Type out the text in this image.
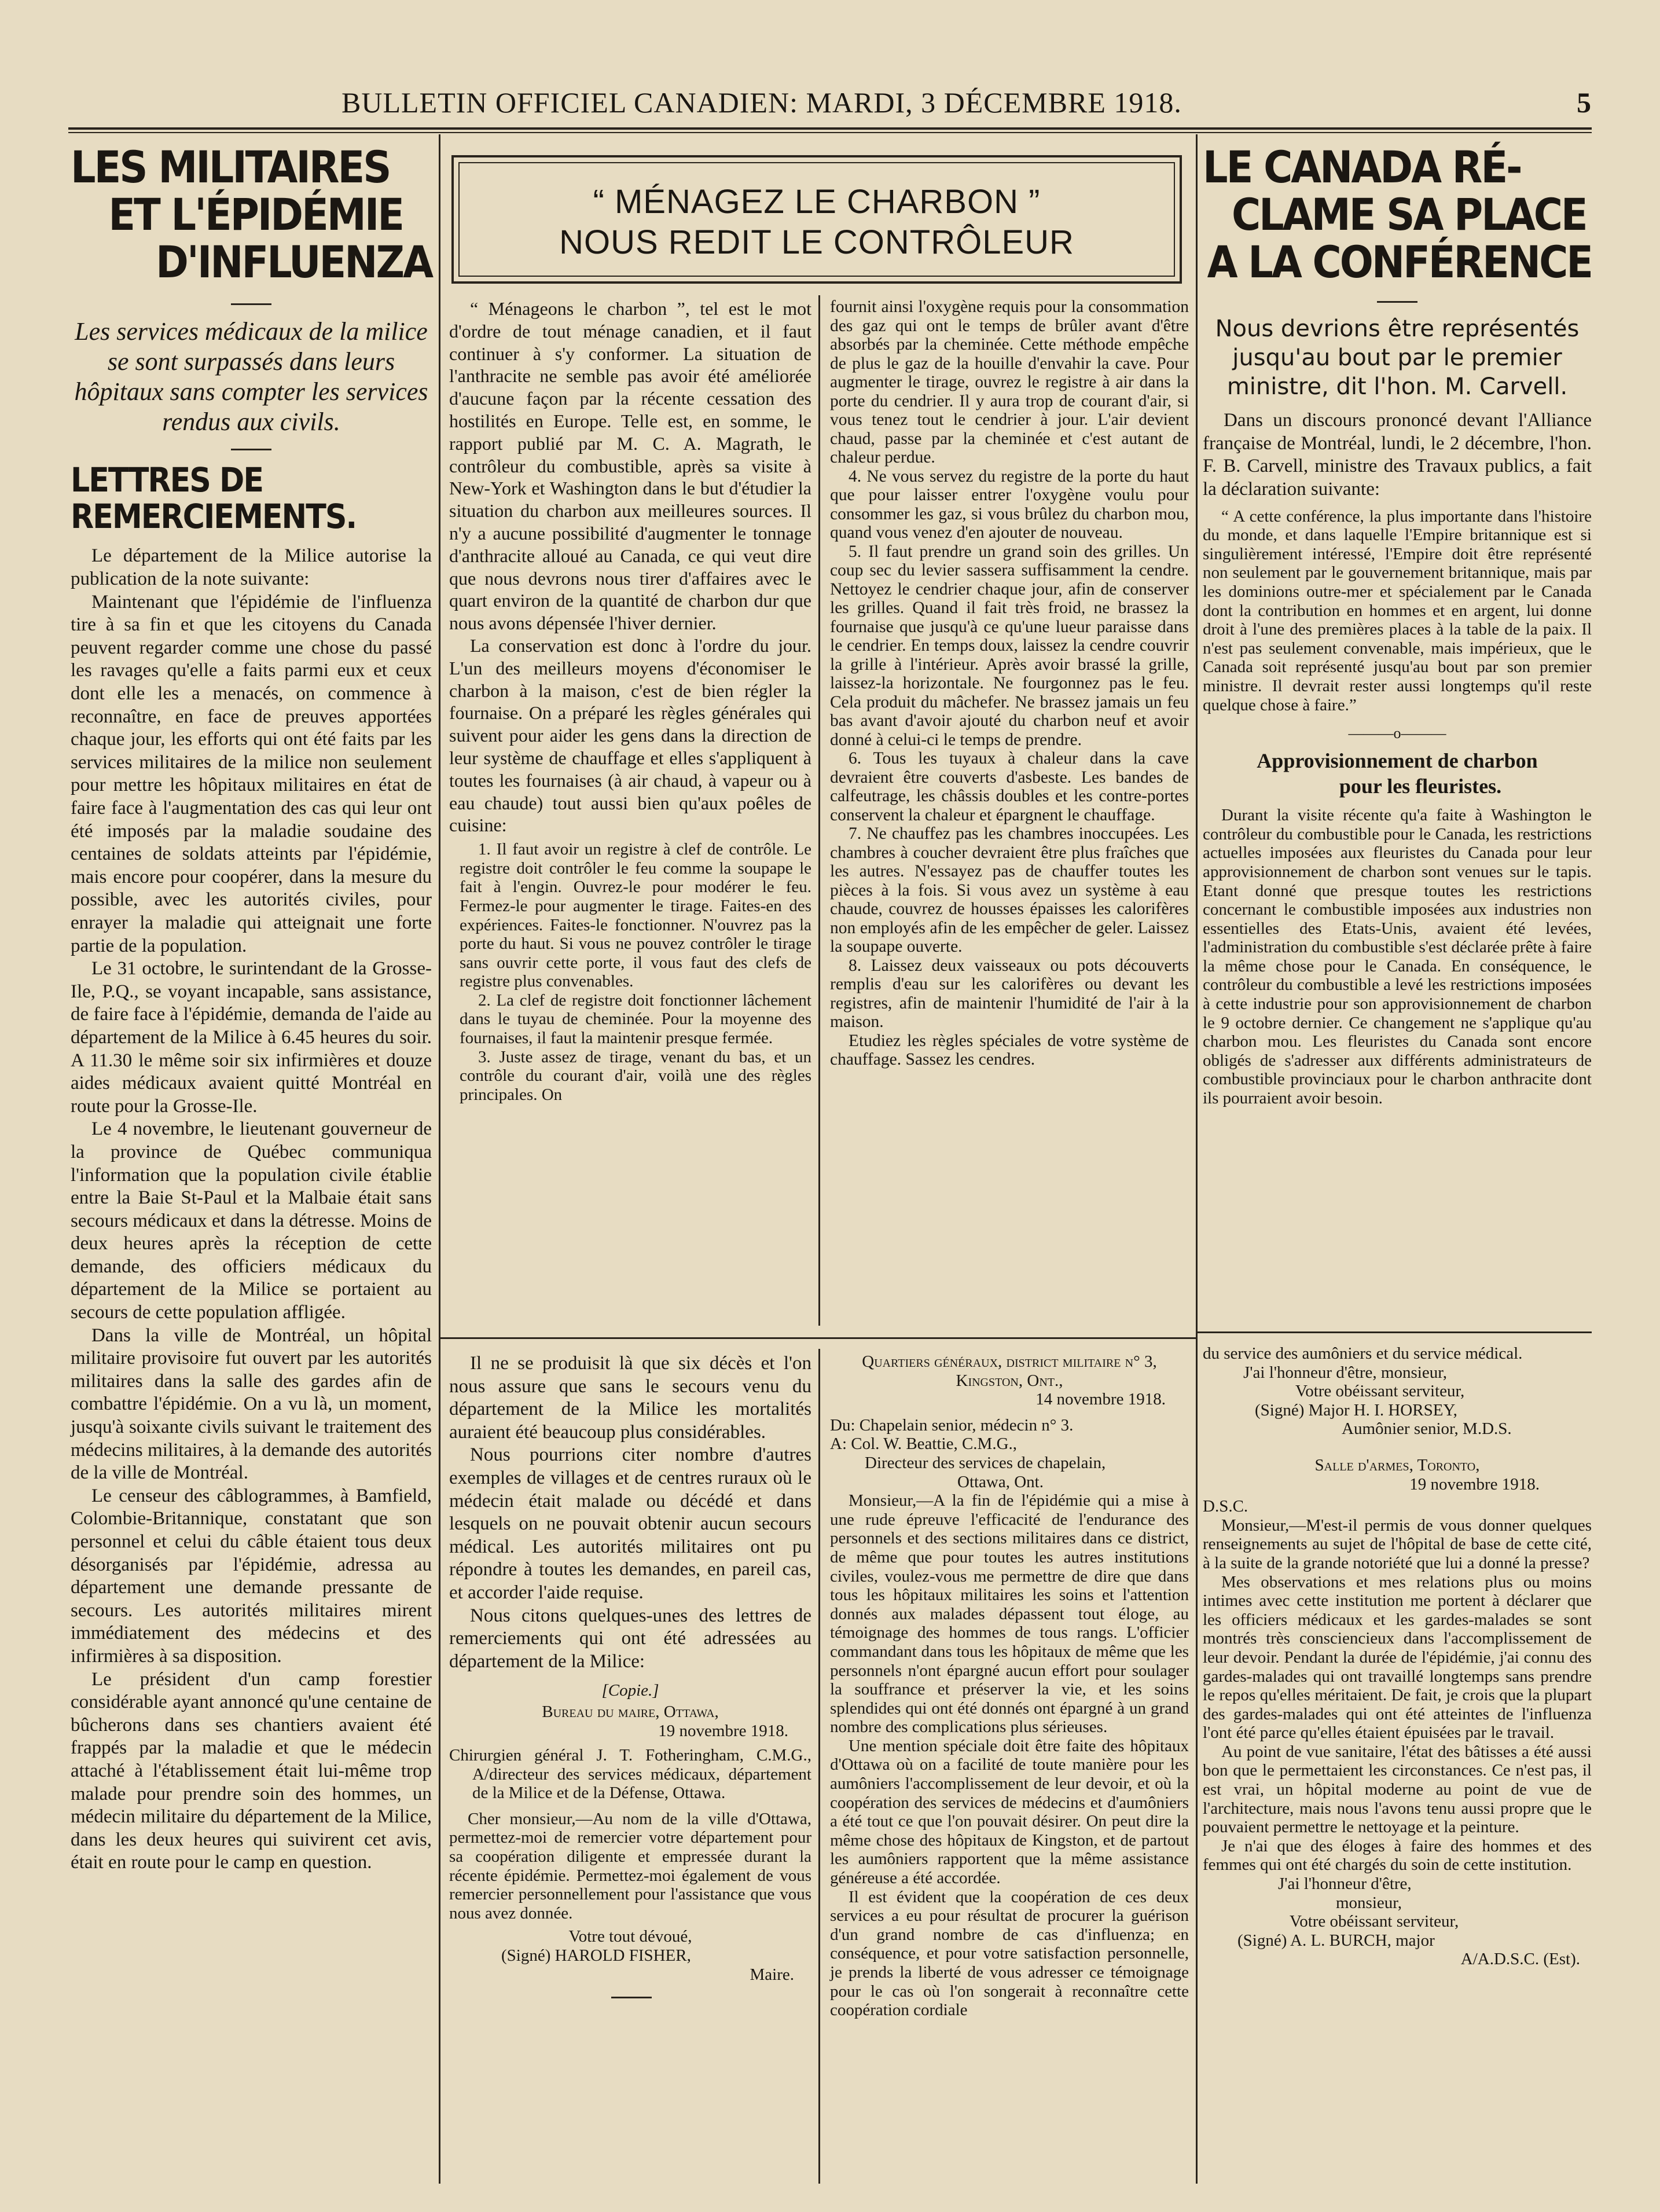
BULLETIN OFFICIEL CANADIEN: MARDI, 3 DÉCEMBRE 1918.	5
LES MILITAIRES
ET L'ÉPIDÉMIE
D'INFLUENZA
Les services médicaux de la milice se sont surpassés dans leurs hôpitaux sans compter les services rendus aux civils.
LETTRES DE REMERCIEMENTS.

Le département de la Milice autorise la publication de la note suivante:

Maintenant que l'épidémie de l'influenza tire à sa fin et que les citoyens du Canada peuvent regarder comme une chose du passé les ravages qu'elle a faits parmi eux et ceux dont elle les a menacés, on commence à reconnaître, en face de preuves apportées chaque jour, les efforts qui ont été faits par les services militaires de la milice non seulement pour mettre les hôpitaux militaires en état de faire face à l'augmentation des cas qui leur ont été imposés par la maladie soudaine des centaines de soldats atteints par l'épidémie, mais encore pour coopérer, dans la mesure du possible, avec les autorités civiles, pour enrayer la maladie qui atteignait une forte partie de la population.

Le 31 octobre, le surintendant de la Grosse-Ile, P.Q., se voyant incapable, sans assistance, de faire face à l'épidémie, demanda de l'aide au département de la Milice à 6.45 heures du soir. A 11.30 le même soir six infirmières et douze aides médicaux avaient quitté Montréal en route pour la Grosse-Ile.

Le 4 novembre, le lieutenant gouverneur de la province de Québec communiqua l'information que la population civile établie entre la Baie St-Paul et la Malbaie était sans secours médicaux et dans la détresse. Moins de deux heures après la réception de cette demande, des officiers médicaux du département de la Milice se portaient au secours de cette population affligée.

Dans la ville de Montréal, un hôpital militaire provisoire fut ouvert par les autorités militaires dans la salle des gardes afin de combattre l'épidémie. On a vu là, un moment, jusqu'à soixante civils suivant le traitement des médecins militaires, à la demande des autorités de la ville de Montréal.

Le censeur des câblogrammes, à Bamfield, Colombie-Britannique, constatant que son personnel et celui du câble étaient tous deux désorganisés par l'épidémie, adressa au département une demande pressante de secours. Les autorités militaires mirent immédiatement des médecins et des infirmières à sa disposition.

Le président d'un camp forestier considérable ayant annoncé qu'une centaine de bûcherons dans ses chantiers avaient été frappés par la maladie et que le médecin attaché à l'établissement était lui-même trop malade pour prendre soin des hommes, un médecin militaire du département de la Milice, dans les deux heures qui suivirent cet avis, était en route pour le camp en question.

“ MÉNAGEZ LE CHARBON ”
NOUS REDIT LE CONTRÔLEUR

“ Ménageons le charbon ”, tel est le mot d'ordre de tout ménage canadien, et il faut continuer à s'y conformer. La situation de l'anthracite ne semble pas avoir été améliorée d'aucune façon par la récente cessation des hostilités en Europe. Telle est, en somme, le rapport publié par M. C. A. Magrath, le contrôleur du combustible, après sa visite à New-York et Washington dans le but d'étudier la situation du charbon aux meilleures sources. Il n'y a aucune possibilité d'augmenter le tonnage d'anthracite alloué au Canada, ce qui veut dire que nous devrons nous tirer d'affaires avec le quart environ de la quantité de charbon dur que nous avons dépensée l'hiver dernier.

La conservation est donc à l'ordre du jour. L'un des meilleurs moyens d'économiser le charbon à la maison, c'est de bien régler la fournaise. On a préparé les règles générales qui suivent pour aider les gens dans la direction de leur système de chauffage et elles s'appliquent à toutes les fournaises (à air chaud, à vapeur ou à eau chaude) tout aussi bien qu'aux poêles de cuisine:

1. Il faut avoir un registre à clef de contrôle. Le registre doit contrôler le feu comme la soupape le fait à l'engin. Ouvrez-le pour modérer le feu. Fermez-le pour augmenter le tirage. Faites-en des expériences. Faites-le fonctionner. N'ouvrez pas la porte du haut. Si vous ne pouvez contrôler le tirage sans ouvrir cette porte, il vous faut des clefs de registre plus convenables.

2. La clef de registre doit fonctionner lâchement dans le tuyau de cheminée. Pour la moyenne des fournaises, il faut la maintenir presque fermée.

3. Juste assez de tirage, venant du bas, et un contrôle du courant d'air, voilà une des règles principales. On

fournit ainsi l'oxygène requis pour la consommation des gaz qui ont le temps de brûler avant d'être absorbés par la cheminée. Cette méthode empêche de plus le gaz de la houille d'envahir la cave. Pour augmenter le tirage, ouvrez le registre à air dans la porte du cendrier. Il y aura trop de courant d'air, si vous tenez tout le cendrier à jour. L'air devient chaud, passe par la cheminée et c'est autant de chaleur perdue.

4. Ne vous servez du registre de la porte du haut que pour laisser entrer l'oxygène voulu pour consommer les gaz, si vous brûlez du charbon mou, quand vous venez d'en ajouter de nouveau.

5. Il faut prendre un grand soin des grilles. Un coup sec du levier sassera suffisamment la cendre. Nettoyez le cendrier chaque jour, afin de conserver les grilles. Quand il fait très froid, ne brassez la fournaise que jusqu'à ce qu'une lueur paraisse dans le cendrier. En temps doux, laissez la cendre couvrir la grille à l'intérieur. Après avoir brassé la grille, laissez-la horizontale. Ne fourgonnez pas le feu. Cela produit du mâchefer. Ne brassez jamais un feu bas avant d'avoir ajouté du charbon neuf et avoir donné à celui-ci le temps de prendre.

6. Tous les tuyaux à chaleur dans la cave devraient être couverts d'asbeste. Les bandes de calfeutrage, les châssis doubles et les contre-portes conservent la chaleur et épargnent le chauffage.

7. Ne chauffez pas les chambres inoccupées. Les chambres à coucher devraient être plus fraîches que les autres. N'essayez pas de chauffer toutes les pièces à la fois. Si vous avez un système à eau chaude, couvrez de housses épaisses les calorifères non employés afin de les empêcher de geler. Laissez la soupape ouverte.

8. Laissez deux vaisseaux ou pots découverts remplis d'eau sur les calorifères ou devant les registres, afin de maintenir l'humidité de l'air à la maison.

Etudiez les règles spéciales de votre système de chauffage. Sassez les cendres.

Il ne se produisit là que six décès et l'on nous assure que sans le secours venu du département de la Milice les mortalités auraient été beaucoup plus considérables.

Nous pourrions citer nombre d'autres exemples de villages et de centres ruraux où le médecin était malade ou décédé et dans lesquels on ne pouvait obtenir aucun secours médical. Les autorités militaires ont pu répondre à toutes les demandes, en pareil cas, et accorder l'aide requise.

Nous citons quelques-unes des lettres de remerciements qui ont été adressées au département de la Milice:

[Copie.]
Bureau du maire, Ottawa,
19 novembre 1918.
Chirurgien général J. T. Fotheringham, C.M.G., A/directeur des services médicaux, département de la Milice et de la Défense, Ottawa.

Cher monsieur,—Au nom de la ville d'Ottawa, permettez-moi de remercier votre département pour sa coopération diligente et empressée durant la récente épidémie. Permettez-moi également de vous remercier personnellement pour l'assistance que vous nous avez donnée.

Votre tout dévoué,
(Signé) HAROLD FISHER,
Maire.
Quartiers généraux, district militaire n° 3, Kingston, Ont.,
14 novembre 1918.
Du: Chapelain senior, médecin n° 3.
A: Col. W. Beattie, C.M.G.,
Directeur des services de chapelain,
Ottawa, Ont.

Monsieur,—A la fin de l'épidémie qui a mise à une rude épreuve l'efficacité de l'endurance des personnels et des sections militaires dans ce district, de même que pour toutes les autres institutions civiles, voulez-vous me permettre de dire que dans tous les hôpitaux militaires les soins et l'attention donnés aux malades dépassent tout éloge, au témoignage des hommes de tous rangs. L'officier commandant dans tous les hôpitaux de même que les personnels n'ont épargné aucun effort pour soulager la souffrance et préserver la vie, et les soins splendides qui ont été donnés ont épargné à un grand nombre des complications plus sérieuses.

Une mention spéciale doit être faite des hôpitaux d'Ottawa où on a facilité de toute manière pour les aumôniers l'accomplissement de leur devoir, et où la coopération des services de médecins et d'aumôniers a été tout ce que l'on pouvait désirer. On peut dire la même chose des hôpitaux de Kingston, et de partout les aumôniers rapportent que la même assistance généreuse a été accordée.

Il est évident que la coopération de ces deux services a eu pour résultat de procurer la guérison d'un grand nombre de cas d'influenza; en conséquence, et pour votre satisfaction personnelle, je prends la liberté de vous adresser ce témoignage pour le cas où l'on songerait à reconnaître cette coopération cordiale

LE CANADA RÉ-
CLAME SA PLACE
A LA CONFÉRENCE
Nous devrions être représentés jusqu'au bout par le premier ministre, dit l'hon. M. Carvell.

Dans un discours prononcé devant l'Alliance française de Montréal, lundi, le 2 décembre, l'hon. F. B. Carvell, ministre des Travaux publics, a fait la déclaration suivante:

“ A cette conférence, la plus importante dans l'histoire du monde, et dans laquelle l'Empire britannique est si singulièrement intéressé, l'Empire doit être représenté non seulement par le gouvernement britannique, mais par les dominions outre-mer et spécialement par le Canada dont la contribution en hommes et en argent, lui donne droit à l'une des premières places à la table de la paix. Il n'est pas seulement convenable, mais impérieux, que le Canada soit représenté jusqu'au bout par son premier ministre. Il devrait rester aussi longtemps qu'il reste quelque chose à faire.”

———o———
Approvisionnement de charbon
pour les fleuristes.

Durant la visite récente qu'a faite à Washington le contrôleur du combustible pour le Canada, les restrictions actuelles imposées aux fleuristes du Canada pour leur approvisionnement de charbon sont venues sur le tapis. Etant donné que presque toutes les restrictions concernant le combustible imposées aux industries non essentielles des Etats-Unis, avaient été levées, l'administration du combustible s'est déclarée prête à faire la même chose pour le Canada. En conséquence, le contrôleur du combustible a levé les restrictions imposées à cette industrie pour son approvisionnement de charbon le 9 octobre dernier. Ce changement ne s'applique qu'au charbon mou. Les fleuristes du Canada sont encore obligés de s'adresser aux différents administrateurs de combustible provinciaux pour le charbon anthracite dont ils pourraient avoir besoin.

du service des aumôniers et du service médical.
J'ai l'honneur d'être, monsieur,
Votre obéissant serviteur,
(Signé) Major H. I. HORSEY,
Aumônier senior, M.D.S.
Salle d'armes, Toronto,
19 novembre 1918.
D.S.C.

Monsieur,—M'est-il permis de vous donner quelques renseignements au sujet de l'hôpital de base de cette cité, à la suite de la grande notoriété que lui a donné la presse?

Mes observations et mes relations plus ou moins intimes avec cette institution me portent à déclarer que les officiers médicaux et les gardes-malades se sont montrés très consciencieux dans l'accomplissement de leur devoir. Pendant la durée de l'épidémie, j'ai connu des gardes-malades qui ont travaillé longtemps sans prendre le repos qu'elles méritaient. De fait, je crois que la plupart des gardes-malades qui ont été atteintes de l'influenza l'ont été parce qu'elles étaient épuisées par le travail.

Au point de vue sanitaire, l'état des bâtisses a été aussi bon que le permettaient les circonstances. Ce n'est pas, il est vrai, un hôpital moderne au point de vue de l'architecture, mais nous l'avons tenu aussi propre que le pouvaient permettre le nettoyage et la peinture.

Je n'ai que des éloges à faire des hommes et des femmes qui ont été chargés du soin de cette institution.

J'ai l'honneur d'être,
monsieur,
Votre obéissant serviteur,
(Signé) A. L. BURCH, major
A/A.D.S.C. (Est).
